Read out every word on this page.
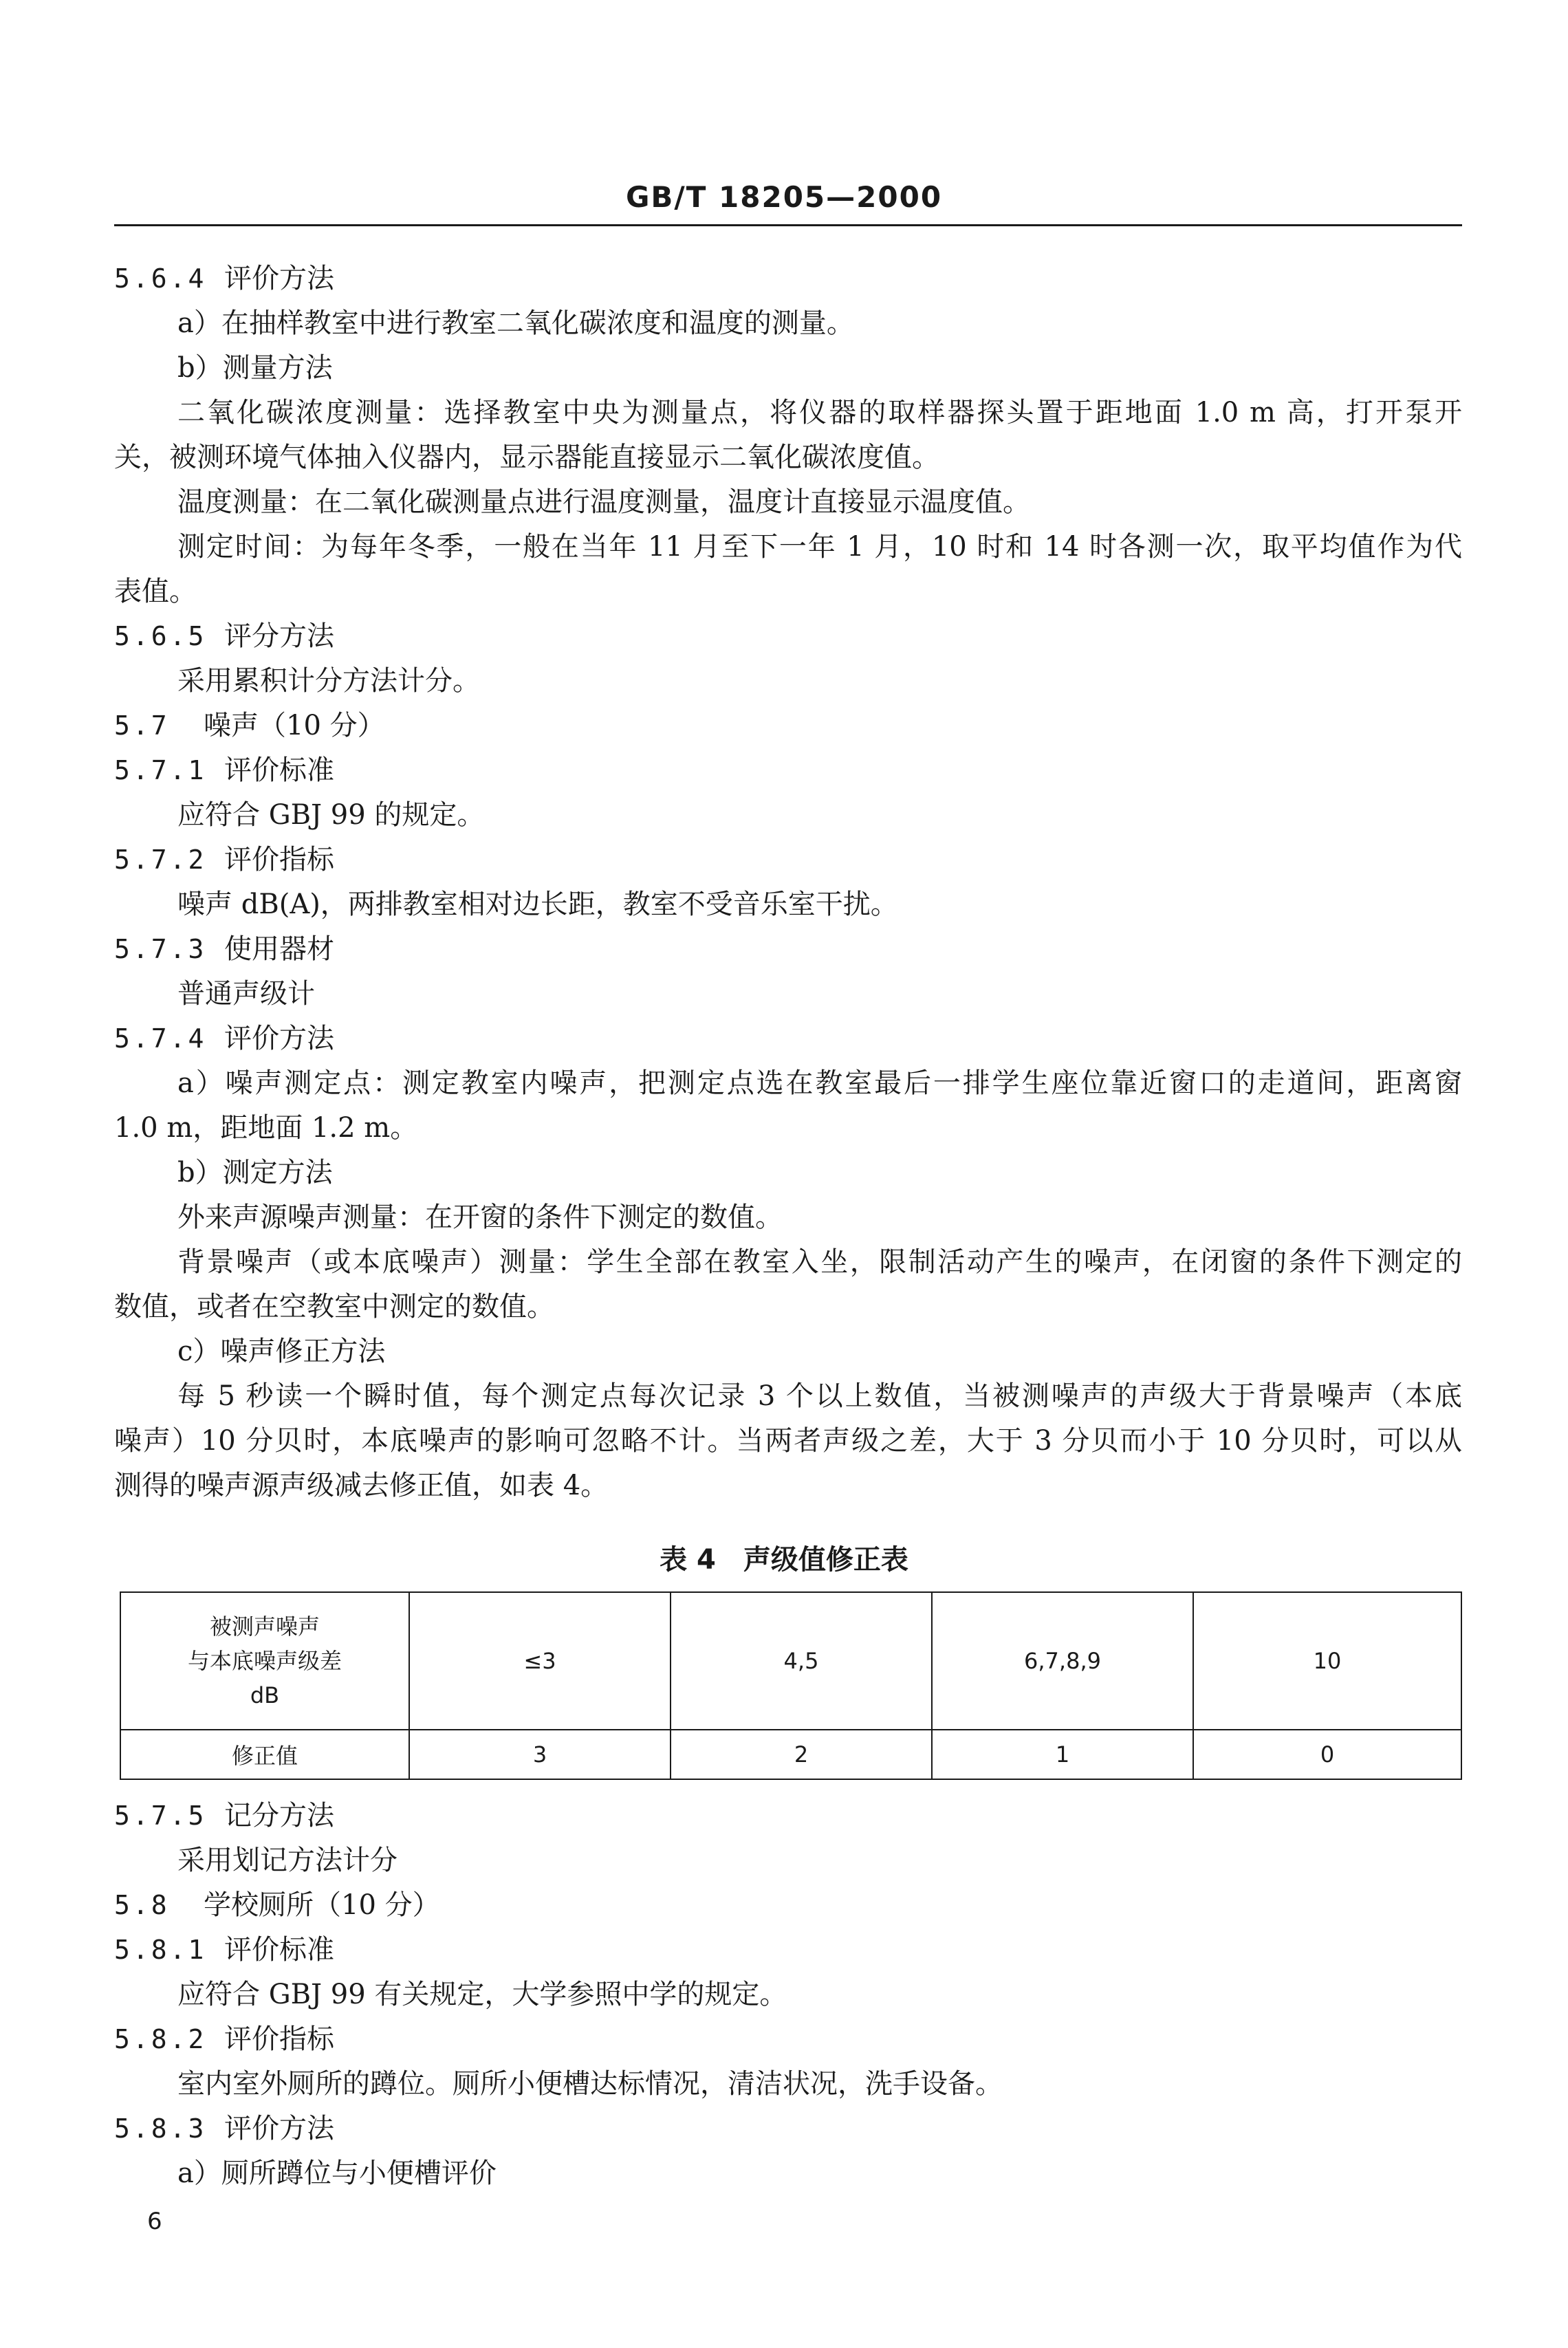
GB/T 18205—2000
5.6.4 评价方法
a）在抽样教室中进行教室二氧化碳浓度和温度的测量。
b）测量方法
二氧化碳浓度测量：选择教室中央为测量点，将仪器的取样器探头置于距地面 1.0 m 高，打开泵开
关，被测环境气体抽入仪器内，显示器能直接显示二氧化碳浓度值。
温度测量：在二氧化碳测量点进行温度测量，温度计直接显示温度值。
测定时间：为每年冬季，一般在当年 11 月至下一年 1 月，10 时和 14 时各测一次，取平均值作为代
表值。
5.6.5 评分方法
采用累积计分方法计分。
5.7 噪声（10 分）
5.7.1 评价标准
应符合 GBJ 99 的规定。
5.7.2 评价指标
噪声 dB(A)，两排教室相对边长距，教室不受音乐室干扰。
5.7.3 使用器材
普通声级计
5.7.4 评价方法
a）噪声测定点：测定教室内噪声，把测定点选在教室最后一排学生座位靠近窗口的走道间，距离窗
1.0 m，距地面 1.2 m。
b）测定方法
外来声源噪声测量：在开窗的条件下测定的数值。
背景噪声（或本底噪声）测量：学生全部在教室入坐，限制活动产生的噪声，在闭窗的条件下测定的
数值，或者在空教室中测定的数值。
c）噪声修正方法
每 5 秒读一个瞬时值，每个测定点每次记录 3 个以上数值，当被测噪声的声级大于背景噪声（本底
噪声）10 分贝时，本底噪声的影响可忽略不计。当两者声级之差，大于 3 分贝而小于 10 分贝时，可以从
测得的噪声源声级减去修正值，如表 4。
表 4 声级值修正表
被测声噪声
与本底噪声级差
dB	≤3	4,5	6,7,8,9	10
修正值	3	2	1	0
5.7.5 记分方法
采用划记方法计分
5.8 学校厕所（10 分）
5.8.1 评价标准
应符合 GBJ 99 有关规定，大学参照中学的规定。
5.8.2 评价指标
室内室外厕所的蹲位。厕所小便槽达标情况，清洁状况，洗手设备。
5.8.3 评价方法
a）厕所蹲位与小便槽评价
6
